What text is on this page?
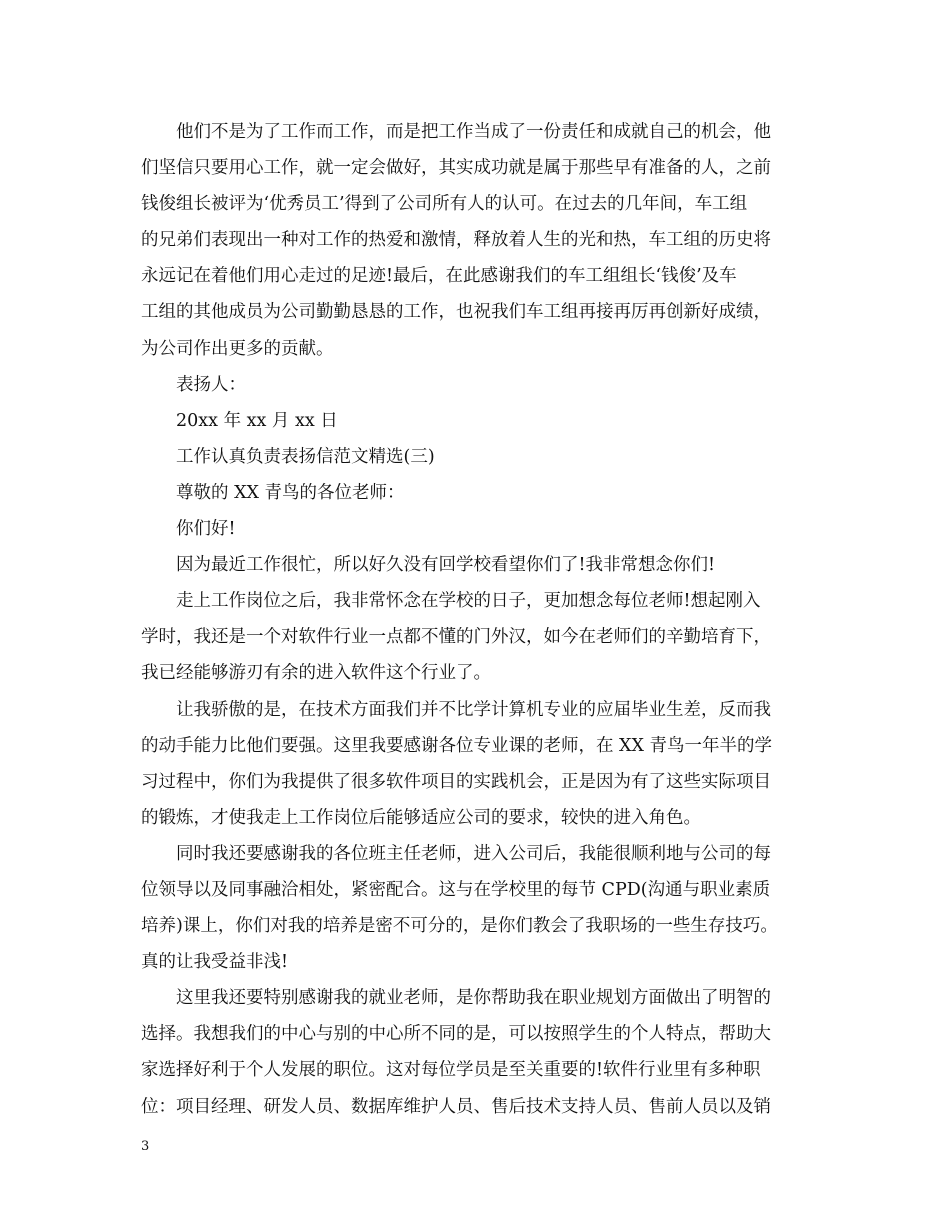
他们不是为了工作而工作，而是把工作当成了一份责任和成就自己的机会，他
们坚信只要用心工作，就一定会做好，其实成功就是属于那些早有准备的人，之前
钱俊组长被评为‘优秀员工’得到了公司所有人的认可。在过去的几年间，车工组
的兄弟们表现出一种对工作的热爱和激情，释放着人生的光和热，车工组的历史将
永远记在着他们用心走过的足迹!最后，在此感谢我们的车工组组长‘钱俊’及车
工组的其他成员为公司勤勤恳恳的工作，也祝我们车工组再接再厉再创新好成绩，
为公司作出更多的贡献。
表扬人：
20xx 年 xx 月 xx 日
工作认真负责表扬信范文精选(三)
尊敬的 XX 青鸟的各位老师：
你们好!
因为最近工作很忙，所以好久没有回学校看望你们了!我非常想念你们!
走上工作岗位之后，我非常怀念在学校的日子，更加想念每位老师!想起刚入
学时，我还是一个对软件行业一点都不懂的门外汉，如今在老师们的辛勤培育下，
我已经能够游刃有余的进入软件这个行业了。
让我骄傲的是，在技术方面我们并不比学计算机专业的应届毕业生差，反而我
的动手能力比他们要强。这里我要感谢各位专业课的老师，在 XX 青鸟一年半的学
习过程中，你们为我提供了很多软件项目的实践机会，正是因为有了这些实际项目
的锻炼，才使我走上工作岗位后能够适应公司的要求，较快的进入角色。
同时我还要感谢我的各位班主任老师，进入公司后，我能很顺利地与公司的每
位领导以及同事融洽相处，紧密配合。这与在学校里的每节 CPD(沟通与职业素质
培养)课上，你们对我的培养是密不可分的，是你们教会了我职场的一些生存技巧。
真的让我受益非浅!
这里我还要特别感谢我的就业老师，是你帮助我在职业规划方面做出了明智的
选择。我想我们的中心与别的中心所不同的是，可以按照学生的个人特点，帮助大
家选择好利于个人发展的职位。这对每位学员是至关重要的!软件行业里有多种职
位：项目经理、研发人员、数据库维护人员、售后技术支持人员、售前人员以及销
3
